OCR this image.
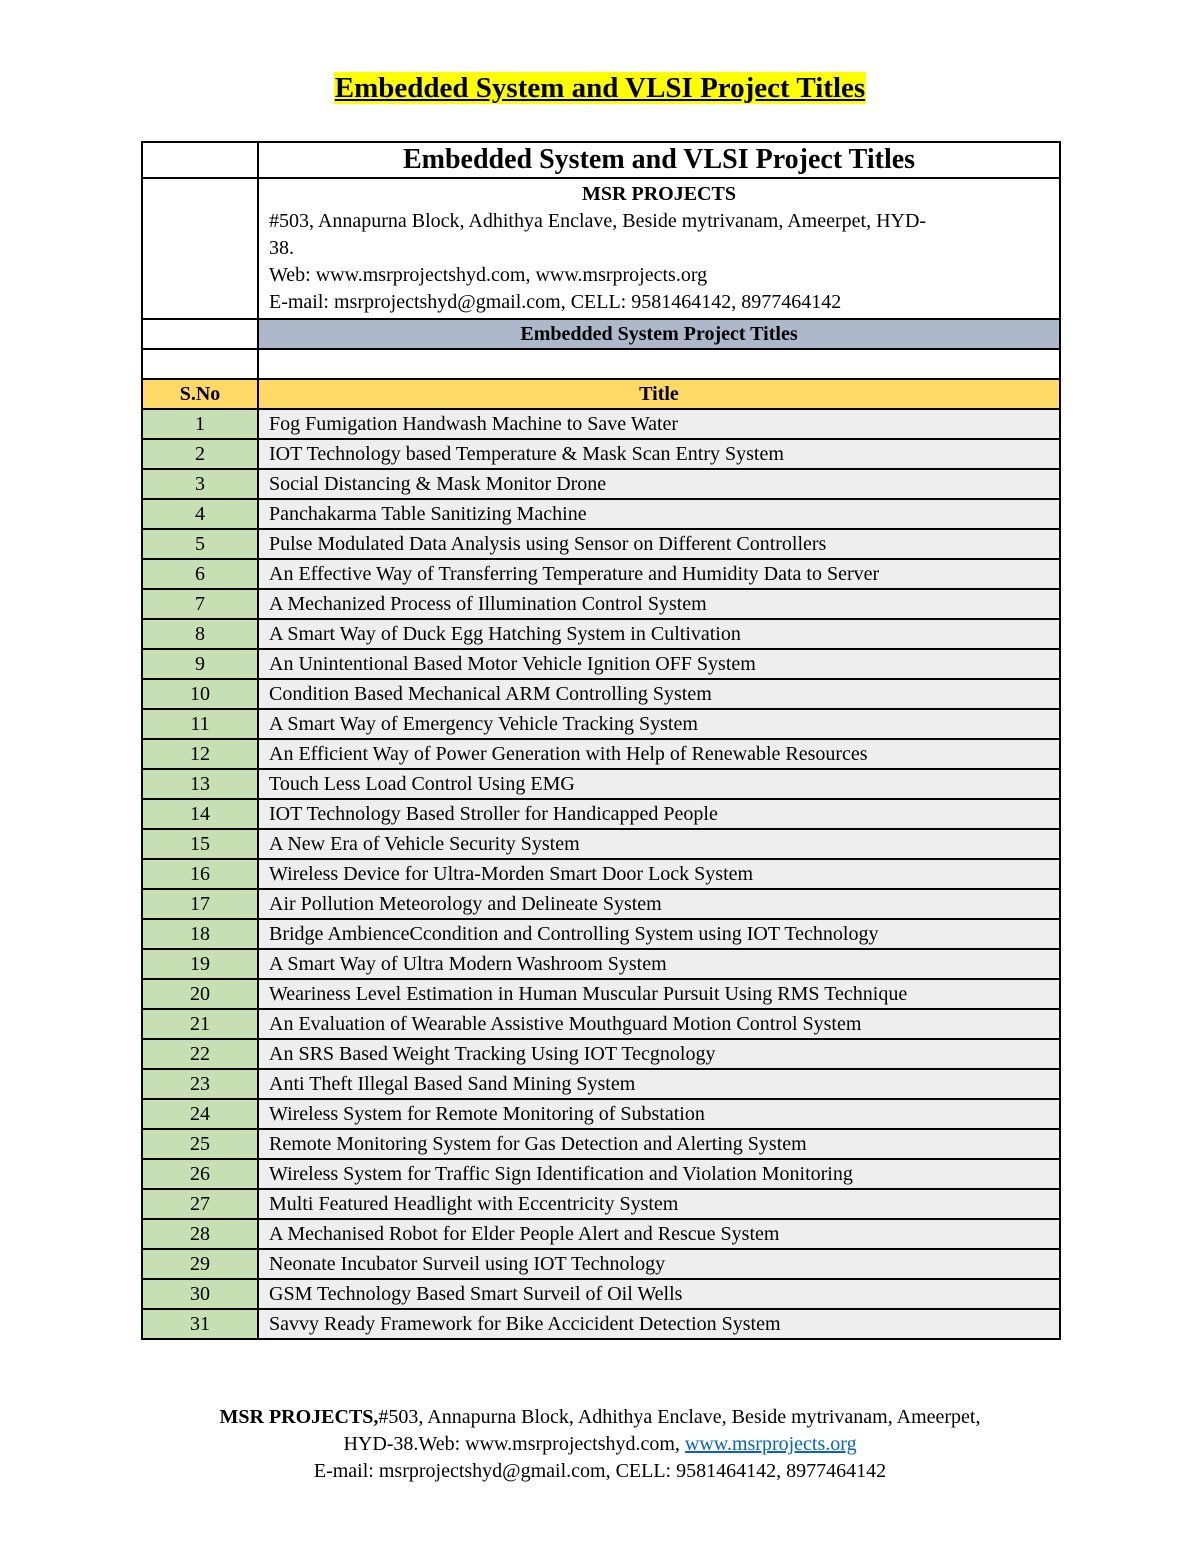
Embedded System and VLSI Project Titles
	Embedded System and VLSI Project Titles

	MSR PROJECTS
#503, Annapurna Block, Adhithya Enclave, Beside mytrivanam, Ameerpet, HYD-
38.
Web: www.msrprojectshyd.com, www.msrprojects.org
E-mail: msrprojectshyd@gmail.com, CELL: 9581464142, 8977464142

	Embedded System Project Titles

S.No	Title
1	Fog Fumigation Handwash Machine to Save Water
2	IOT Technology based Temperature & Mask Scan Entry System
3	Social Distancing & Mask Monitor Drone
4	Panchakarma Table Sanitizing Machine
5	Pulse Modulated Data Analysis using Sensor on Different Controllers
6	An Effective Way of Transferring Temperature and Humidity Data to Server
7	A Mechanized Process of Illumination Control System
8	A Smart Way of Duck Egg Hatching System in Cultivation
9	An Unintentional Based Motor Vehicle Ignition OFF System
10	Condition Based Mechanical ARM Controlling System
11	A Smart Way of Emergency Vehicle Tracking System
12	An Efficient Way of Power Generation with Help of Renewable Resources
13	Touch Less Load Control Using EMG
14	IOT Technology Based Stroller for Handicapped People
15	A New Era of Vehicle Security System
16	Wireless Device for Ultra-Morden Smart Door Lock System
17	Air Pollution Meteorology and Delineate System
18	Bridge AmbienceCcondition and Controlling System using IOT Technology
19	A Smart Way of Ultra Modern Washroom System
20	Weariness Level Estimation in Human Muscular Pursuit Using RMS Technique
21	An Evaluation of Wearable Assistive Mouthguard Motion Control System
22	An SRS Based Weight Tracking Using IOT Tecgnology
23	Anti Theft Illegal Based Sand Mining System
24	Wireless System for Remote Monitoring of Substation
25	Remote Monitoring System for Gas Detection and Alerting System
26	Wireless System for Traffic Sign Identification and Violation Monitoring
27	Multi Featured Headlight with Eccentricity System
28	A Mechanised Robot for Elder People Alert and Rescue System
29	Neonate Incubator Surveil using IOT Technology
30	GSM Technology Based Smart Surveil of Oil Wells
31	Savvy Ready Framework for Bike Accicident Detection System
MSR PROJECTS,#503, Annapurna Block, Adhithya Enclave, Beside mytrivanam, Ameerpet,
HYD-38.Web: www.msrprojectshyd.com, www.msrprojects.org
E-mail: msrprojectshyd@gmail.com, CELL: 9581464142, 8977464142
